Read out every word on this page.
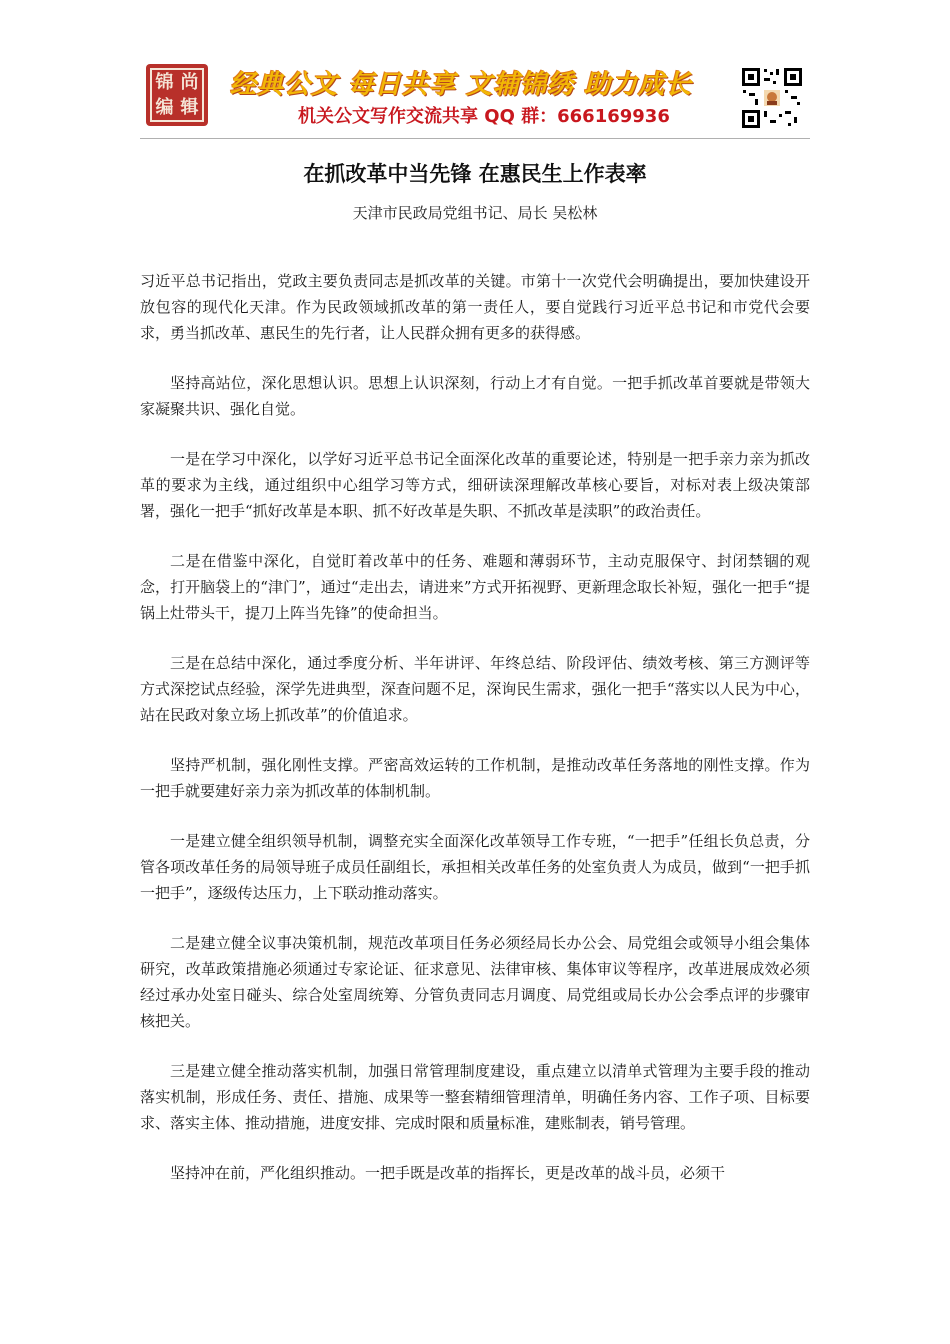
锦 尚
编 辑
经典公文 每日共享 文辅锦绣 助力成长
机关公文写作交流共享 QQ 群：666169936
在抓改革中当先锋 在惠民生上作表率
天津市民政局党组书记、局长 吴松林

习近平总书记指出，党政主要负责同志是抓改革的关键。市第十一次党代会明确提出，要加快建设开放包容的现代化天津。作为民政领域抓改革的第一责任人，要自觉践行习近平总书记和市党代会要求，勇当抓改革、惠民生的先行者，让人民群众拥有更多的获得感。

坚持高站位，深化思想认识。思想上认识深刻，行动上才有自觉。一把手抓改革首要就是带领大家凝聚共识、强化自觉。

一是在学习中深化，以学好习近平总书记全面深化改革的重要论述，特别是一把手亲力亲为抓改革的要求为主线，通过组织中心组学习等方式，细研读深理解改革核心要旨，对标对表上级决策部署，强化一把手“抓好改革是本职、抓不好改革是失职、不抓改革是渎职”的政治责任。

二是在借鉴中深化，自觉盯着改革中的任务、难题和薄弱环节，主动克服保守、封闭禁锢的观念，打开脑袋上的“津门”，通过“走出去，请进来”方式开拓视野、更新理念取长补短，强化一把手“提锅上灶带头干，提刀上阵当先锋”的使命担当。

三是在总结中深化，通过季度分析、半年讲评、年终总结、阶段评估、绩效考核、第三方测评等方式深挖试点经验，深学先进典型，深查问题不足，深询民生需求，强化一把手“落实以人民为中心，站在民政对象立场上抓改革”的价值追求。

坚持严机制，强化刚性支撑。严密高效运转的工作机制，是推动改革任务落地的刚性支撑。作为一把手就要建好亲力亲为抓改革的体制机制。

一是建立健全组织领导机制，调整充实全面深化改革领导工作专班，“一把手”任组长负总责，分管各项改革任务的局领导班子成员任副组长，承担相关改革任务的处室负责人为成员，做到“一把手抓一把手”，逐级传达压力，上下联动推动落实。

二是建立健全议事决策机制，规范改革项目任务必须经局长办公会、局党组会或领导小组会集体研究，改革政策措施必须通过专家论证、征求意见、法律审核、集体审议等程序，改革进展成效必须经过承办处室日碰头、综合处室周统筹、分管负责同志月调度、局党组或局长办公会季点评的步骤审核把关。

三是建立健全推动落实机制，加强日常管理制度建设，重点建立以清单式管理为主要手段的推动落实机制，形成任务、责任、措施、成果等一整套精细管理清单，明确任务内容、工作子项、目标要求、落实主体、推动措施，进度安排、完成时限和质量标准，建账制表，销号管理。

坚持冲在前，严化组织推动。一把手既是改革的指挥长，更是改革的战斗员，必须干
